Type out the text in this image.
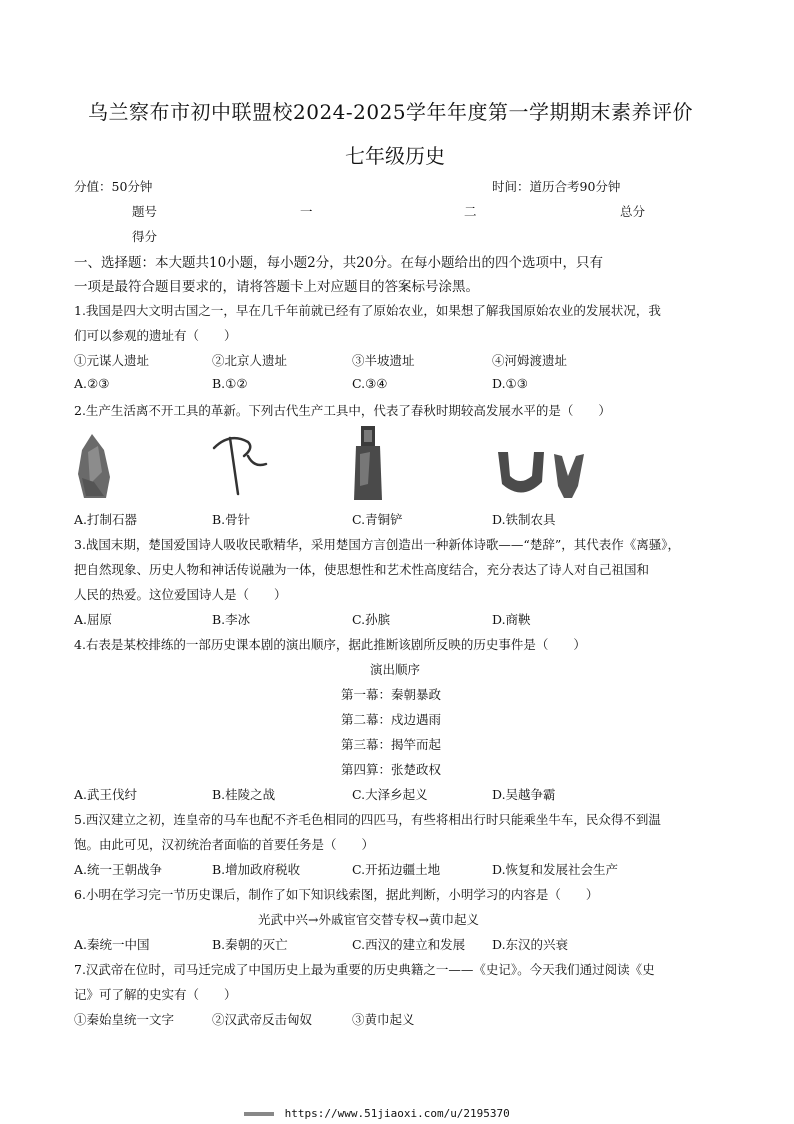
乌兰察布市初中联盟校2024-2025学年年度第一学期期末素养评价
七年级历史
分值：50分钟	时间：道历合考90分钟
题号	一	二	总分
得分
一、选择题：本大题共10小题，每小题2分，共20分。在每小题给出的四个选项中，只有
一项是最符合题目要求的，请将答题卡上对应题目的答案标号涂黑。
1.我国是四大文明古国之一，早在几千年前就已经有了原始农业，如果想了解我国原始农业的发展状况，我
们可以参观的遗址有（　　）
①元谋人遗址	②北京人遗址	③半坡遗址	④河姆渡遗址
A.②③	B.①②	C.③④	D.①③
2.生产生活离不开工具的革新。下列古代生产工具中，代表了春秋时期较高发展水平的是（　　）
A.打制石器	B.骨针	C.青铜铲	D.铁制农具
3.战国末期，楚国爱国诗人吸收民歌精华，采用楚国方言创造出一种新体诗歌——“楚辞”，其代表作《离骚》，
把自然现象、历史人物和神话传说融为一体，使思想性和艺术性高度结合，充分表达了诗人对自己祖国和
人民的热爱。这位爱国诗人是（　　）
A.屈原	B.李冰	C.孙膑	D.商鞅
4.右表是某校排练的一部历史课本剧的演出顺序，据此推断该剧所反映的历史事件是（　　）
演出顺序
第一幕：秦朝暴政
第二幕：戍边遇雨
第三幕：揭竿而起
第四算：张楚政权
A.武王伐纣	B.桂陵之战	C.大泽乡起义	D.吴越争霸
5.西汉建立之初，连皇帝的马车也配不齐毛色相同的四匹马，有些将相出行时只能乘坐牛车，民众得不到温
饱。由此可见，汉初统治者面临的首要任务是（　　）
A.统一王朝战争	B.增加政府税收	C.开拓边疆土地	D.恢复和发展社会生产
6.小明在学习完一节历史课后，制作了如下知识线索图，据此判断，小明学习的内容是（　　）
光武中兴→外戚宦官交替专权→黄巾起义
A.秦统一中国	B.秦朝的灭亡	C.西汉的建立和发展 D.东汉的兴衰
7.汉武帝在位时，司马迁完成了中国历史上最为重要的历史典籍之一——《史记》。今天我们通过阅读《史
记》可了解的史实有（　　）
①秦始皇统一文字	②汉武帝反击匈奴	③黄巾起义
https://www.51jiaoxi.com/u/2195370
